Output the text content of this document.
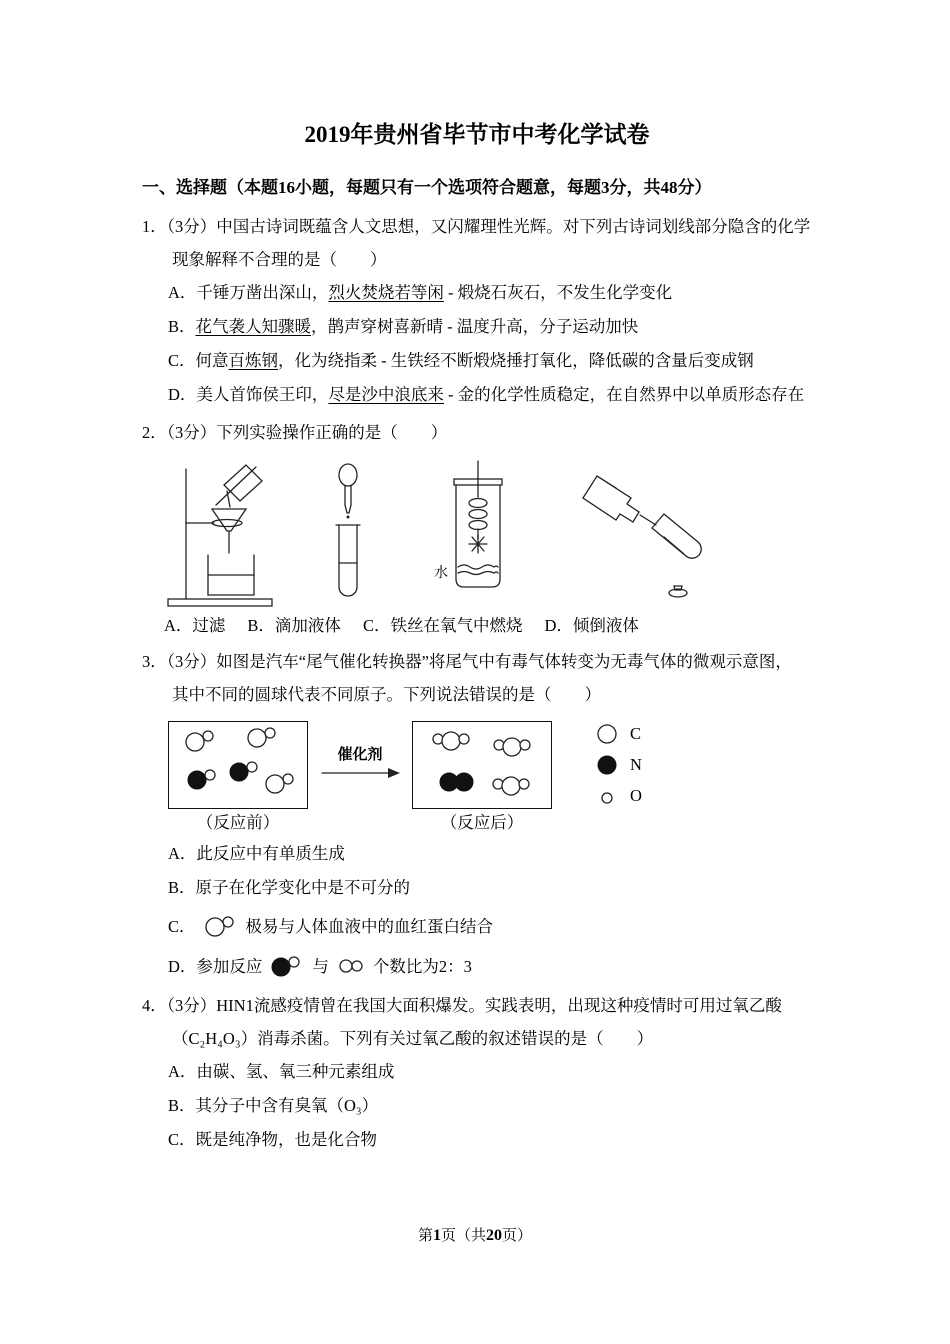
2019年贵州省毕节市中考化学试卷
一、选择题（本题16小题，每题只有一个选项符合题意，每题3分，共48分）
1．（3分）中国古诗词既蕴含人文思想，又闪耀理性光辉。对下列古诗词划线部分隐含的化学
现象解释不合理的是（　　）
A．千锤万凿出深山，烈火焚烧若等闲 - 煅烧石灰石，不发生化学变化
B．花气袭人知骤暖，鹊声穿树喜新晴 - 温度升高，分子运动加快
C．何意百炼钢，化为绕指柔 - 生铁经不断煅烧捶打氧化，降低碳的含量后变成钢
D．美人首饰侯王印，尽是沙中浪底来 - 金的化学性质稳定，在自然界中以单质形态存在
2．（3分）下列实验操作正确的是（　　）
水
A．过滤 B．滴加液体 C．铁丝在氧气中燃烧 D．倾倒液体
3．（3分）如图是汽车“尾气催化转换器”将尾气中有毒气体转变为无毒气体的微观示意图，
其中不同的圆球代表不同原子。下列说法错误的是（　　）
催化剂
C
N
O
（反应前）	（反应后）
A．此反应中有单质生成
B．原子在化学变化中是不可分的
C．	极易与人体血液中的血红蛋白结合
D．参加反应	与	个数比为2：3
4．（3分）HIN1流感疫情曾在我国大面积爆发。实践表明，出现这种疫情时可用过氧乙酸
（C₂H₄O₃）消毒杀菌。下列有关过氧乙酸的叙述错误的是（　　）
A．由碳、氢、氧三种元素组成
B．其分子中含有臭氧（O₃）
C．既是纯净物，也是化合物
第1页（共20页）
